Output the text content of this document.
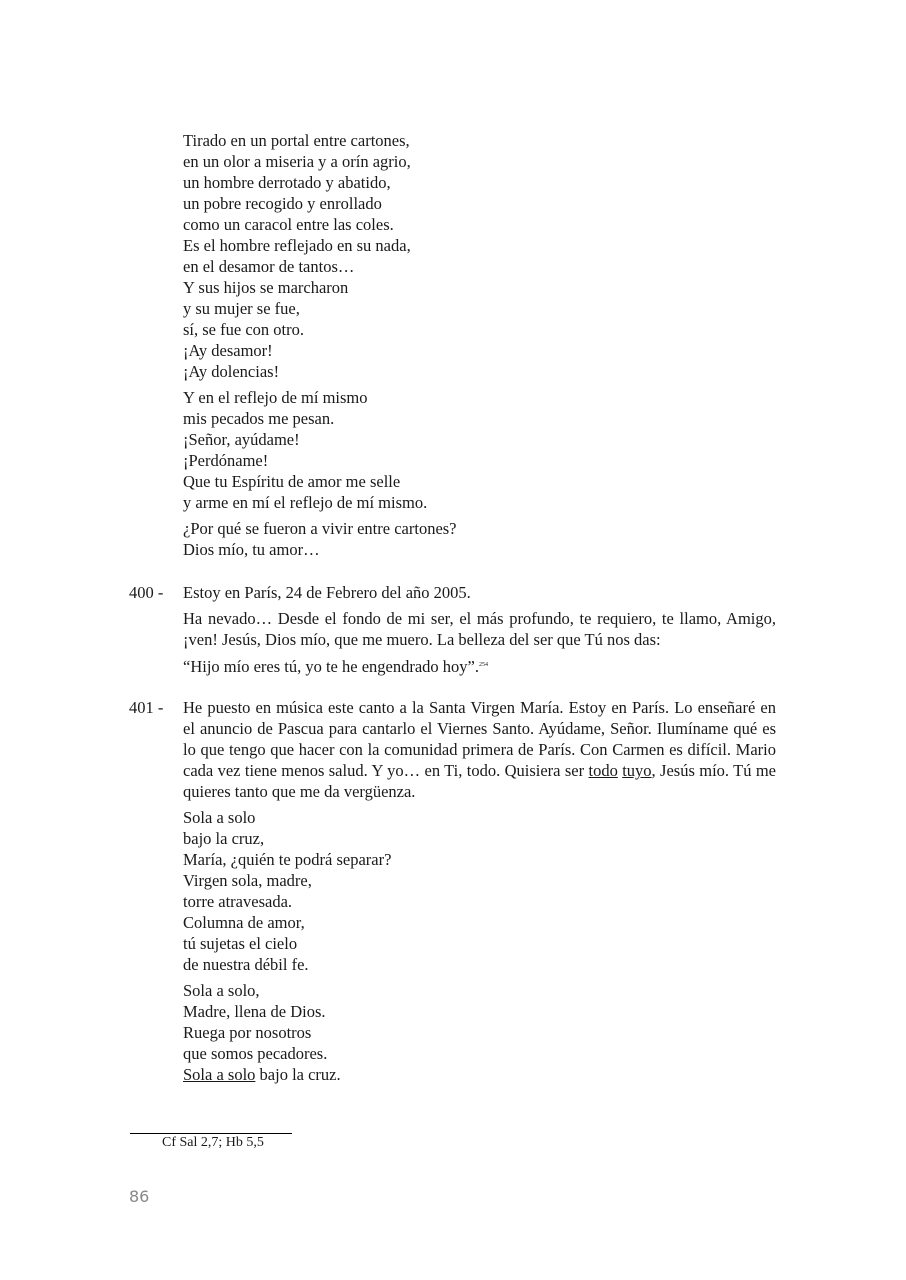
Tirado en un portal entre cartones,
en un olor a miseria y a orín agrio,
un hombre derrotado y abatido,
un pobre recogido y enrollado
como un caracol entre las coles.
Es el hombre reflejado en su nada,
en el desamor de tantos…
Y sus hijos se marcharon
y su mujer se fue,
sí, se fue con otro.
¡Ay desamor!
¡Ay dolencias!
Y en el reflejo de mí mismo
mis pecados me pesan.
¡Señor, ayúdame!
¡Perdóname!
Que tu Espíritu de amor me selle
y arme en mí el reflejo de mí mismo.
¿Por qué se fueron a vivir entre cartones?
Dios mío, tu amor…
400 - Estoy en París, 24 de Febrero del año 2005.
Ha nevado… Desde el fondo de mi ser, el más profundo, te requiero, te llamo, Amigo, ¡ven! Jesús, Dios mío, que me muero. La belleza del ser que Tú nos das:
“Hijo mío eres tú, yo te he engendrado hoy”.$^{254}$
401 - He puesto en música este canto a la Santa Virgen María. Estoy en París. Lo enseñaré en el anuncio de Pascua para cantarlo el Viernes Santo. Ayúdame, Señor. Ilumíname qué es lo que tengo que hacer con la comunidad primera de París. Con Carmen es difícil. Mario cada vez tiene menos salud. Y yo… en Ti, todo. Quisiera ser todo tuyo, Jesús mío. Tú me quieres tanto que me da vergüenza.
Sola a solo
bajo la cruz,
María, ¿quién te podrá separar?
Virgen sola, madre,
torre atravesada.
Columna de amor,
tú sujetas el cielo
de nuestra débil fe.
Sola a solo,
Madre, llena de Dios.
Ruega por nosotros
que somos pecadores.
Sola a solo bajo la cruz.
Cf Sal 2,7; Hb 5,5
86
